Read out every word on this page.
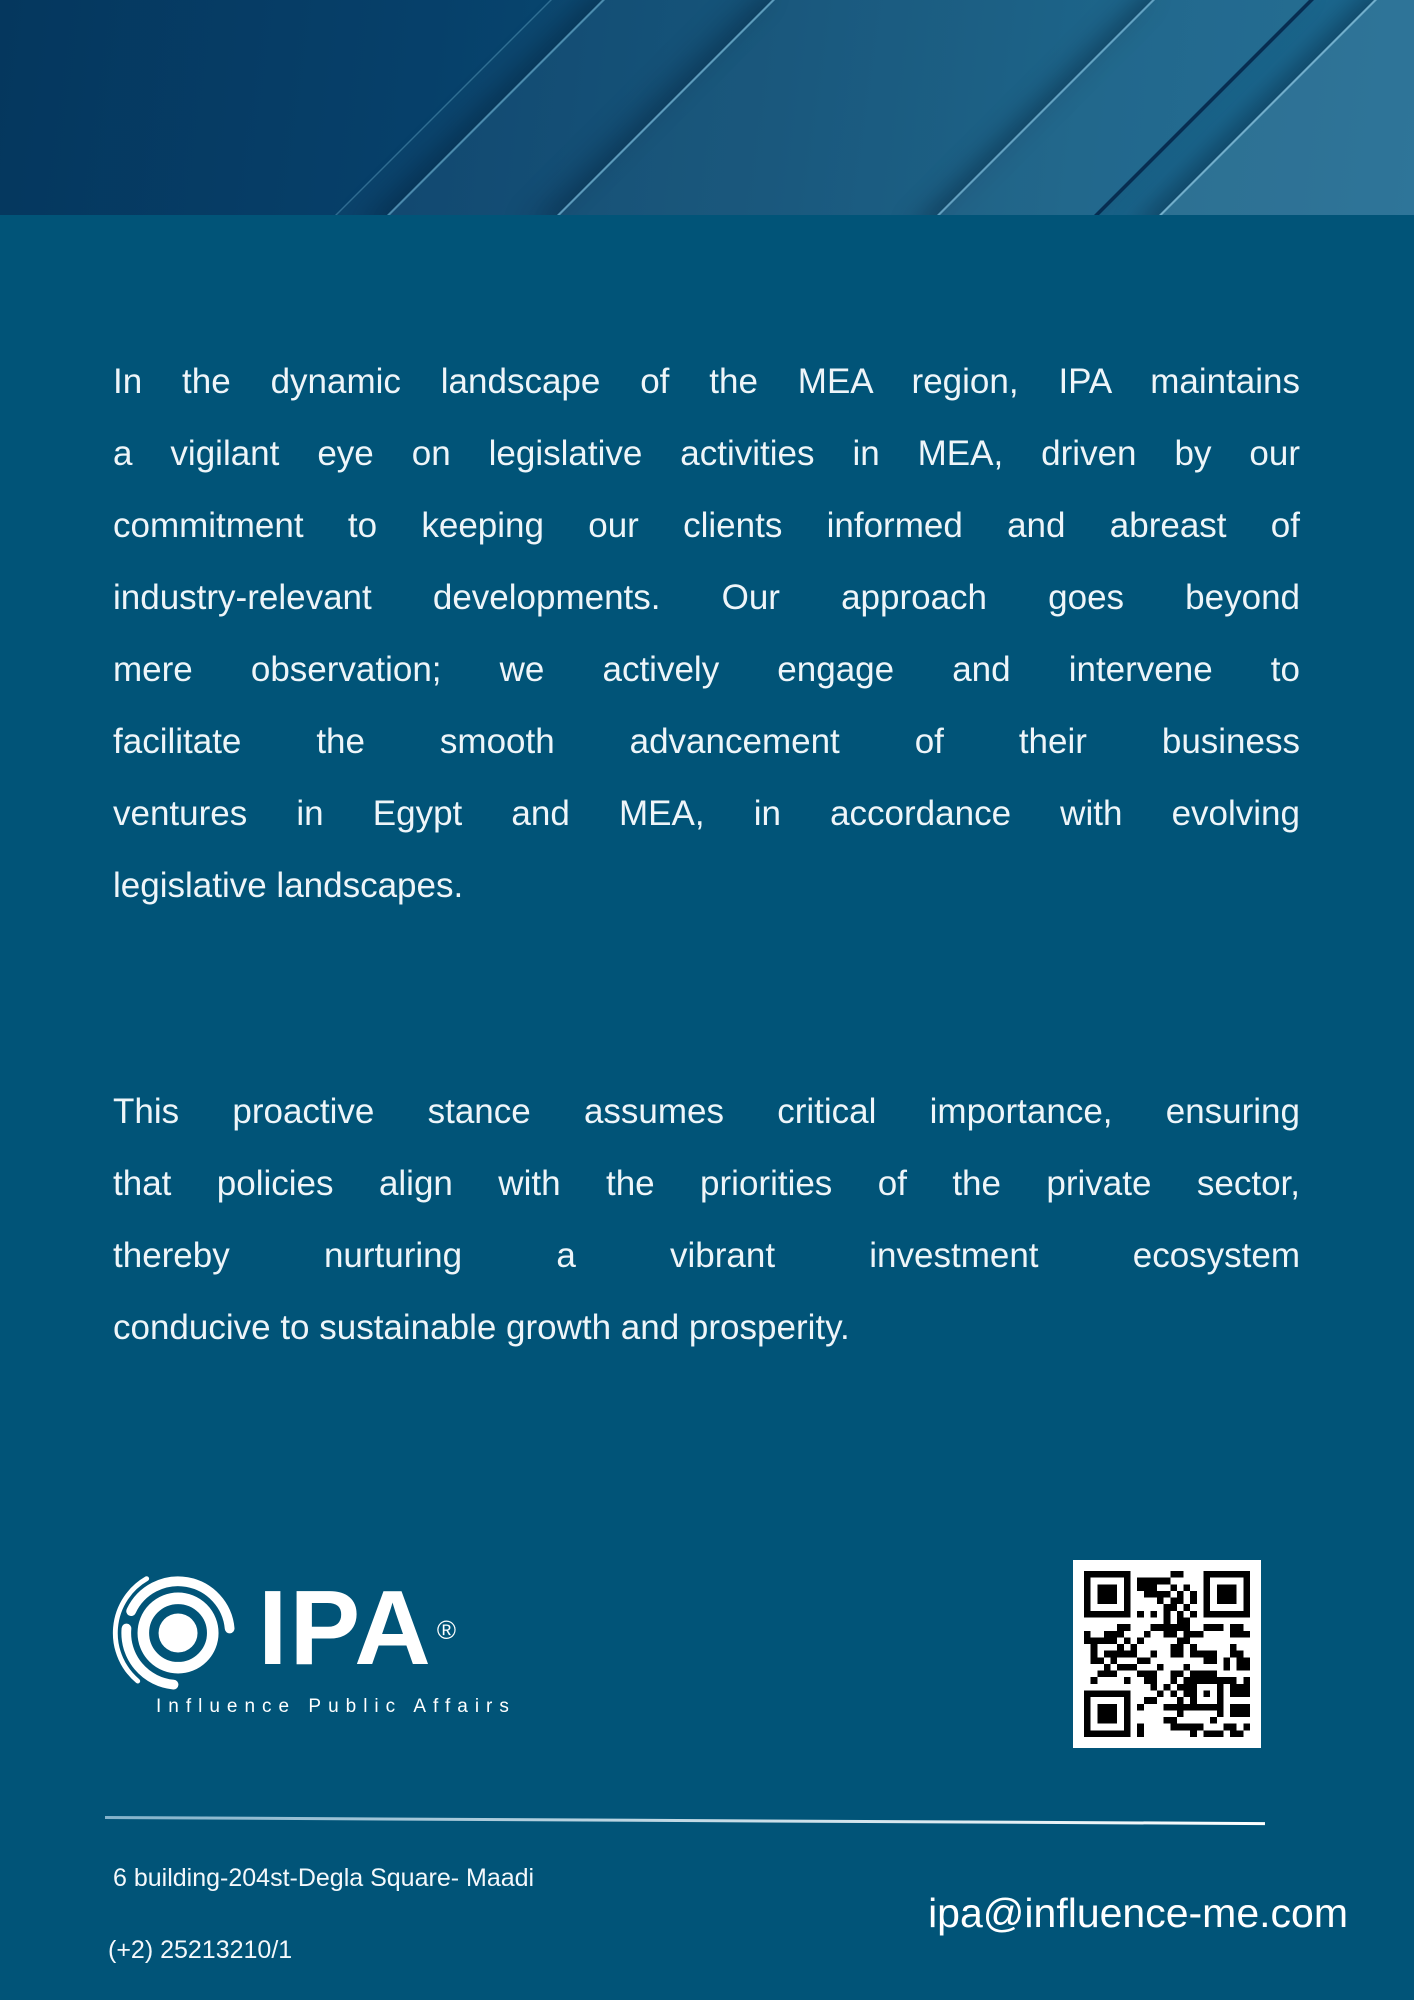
In the dynamic landscape of the MEA region, IPA maintains
a vigilant eye on legislative activities in MEA, driven by our
commitment to keeping our clients informed and abreast of
industry-relevant developments. Our approach goes beyond
mere observation; we actively engage and intervene to
facilitate the smooth advancement of their business
ventures in Egypt and MEA, in accordance with evolving
legislative landscapes.
This proactive stance assumes critical importance, ensuring
that policies align with the priorities of the private sector,
thereby nurturing a vibrant investment ecosystem
conducive to sustainable growth and prosperity.
IPA ®
Influence Public Affairs
6 building-204st-Degla Square- Maadi
(+2) 25213210/1
ipa@influence-me.com
